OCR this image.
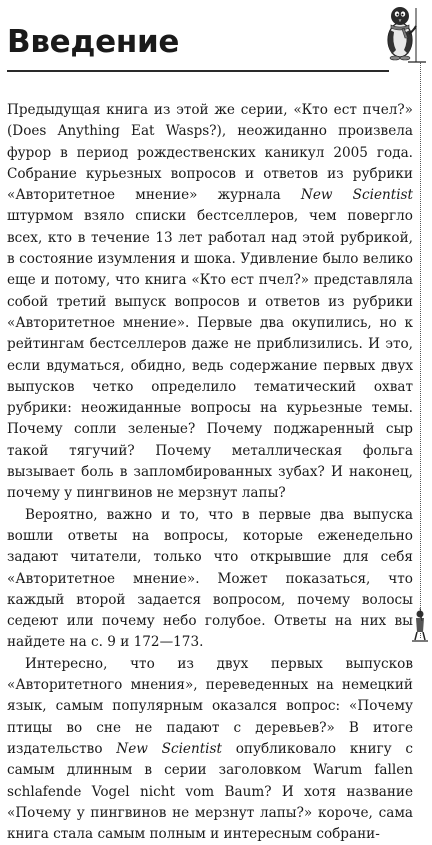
Введение

Предыдущая книга из этой же серии, «Кто ест пчел?» (Does Anything Eat Wasps?), неожиданно произвела фурор в период рождественских каникул 2005 года. Собрание курьезных вопросов и ответов из рубрики «Авторитетное мнение» журнала New Scientist штурмом взяло списки бестселлеров, чем повергло всех, кто в течение 13 лет работал над этой рубрикой, в состояние изумления и шока. Удивление было велико еще и потому, что книга «Кто ест пчел?» представляла собой третий выпуск вопросов и ответов из рубрики «Авторитетное мнение». Первые два окупились, но к рейтингам бестселлеров даже не приблизились. И это, если вдуматься, обидно, ведь содержание первых двух выпусков четко определило тематический охват рубрики: неожиданные вопросы на курьезные темы. Почему сопли зеленые? Почему поджаренный сыр такой тягучий? Почему металлическая фольга вызывает боль в запломбированных зубах? И наконец, почему у пингвинов не мерзнут лапы?

Вероятно, важно и то, что в первые два выпуска вошли ответы на вопросы, которые еженедельно задают читатели, только что открывшие для себя «Авторитетное мнение». Может показаться, что каждый второй задается вопросом, почему волосы седеют или почему небо голубое. Ответы на них вы найдете на с. 9 и 172—173.

Интересно, что из двух первых выпусков «Авторитетного мнения», переведенных на немецкий язык, самым популярным оказался вопрос: «Почему птицы во сне не падают с деревьев?» В итоге издательство New Scientist опубликовало книгу с самым длинным в серии заголовком Warum fallen schlafende Vogel nicht vom Baum? И хотя название «Почему у пингвинов не мерзнут лапы?» короче, сама книга стала самым полным и интересным собрани-
